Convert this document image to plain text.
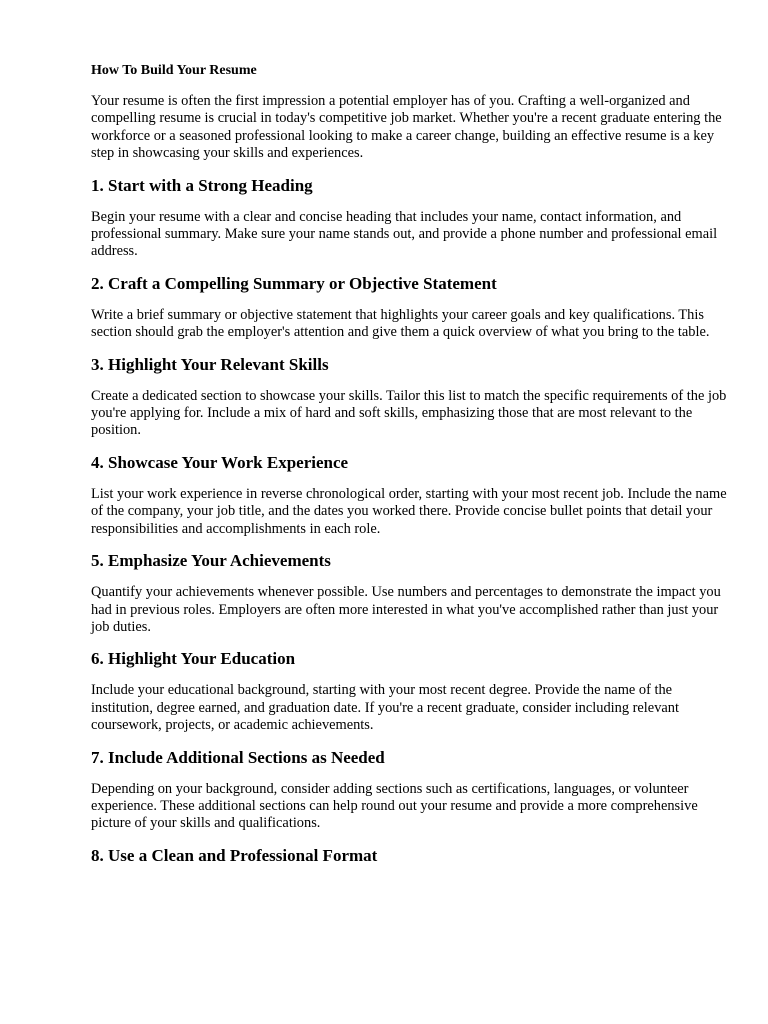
How To Build Your Resume
Your resume is often the first impression a potential employer has of you. Crafting a well-organized and compelling resume is crucial in today's competitive job market. Whether you're a recent graduate entering the workforce or a seasoned professional looking to make a career change, building an effective resume is a key step in showcasing your skills and experiences.
1. Start with a Strong Heading
Begin your resume with a clear and concise heading that includes your name, contact information, and professional summary. Make sure your name stands out, and provide a phone number and professional email address.
2. Craft a Compelling Summary or Objective Statement
Write a brief summary or objective statement that highlights your career goals and key qualifications. This section should grab the employer's attention and give them a quick overview of what you bring to the table.
3. Highlight Your Relevant Skills
Create a dedicated section to showcase your skills. Tailor this list to match the specific requirements of the job you're applying for. Include a mix of hard and soft skills, emphasizing those that are most relevant to the position.
4. Showcase Your Work Experience
List your work experience in reverse chronological order, starting with your most recent job. Include the name of the company, your job title, and the dates you worked there. Provide concise bullet points that detail your responsibilities and accomplishments in each role.
5. Emphasize Your Achievements
Quantify your achievements whenever possible. Use numbers and percentages to demonstrate the impact you had in previous roles. Employers are often more interested in what you've accomplished rather than just your job duties.
6. Highlight Your Education
Include your educational background, starting with your most recent degree. Provide the name of the institution, degree earned, and graduation date. If you're a recent graduate, consider including relevant coursework, projects, or academic achievements.
7. Include Additional Sections as Needed
Depending on your background, consider adding sections such as certifications, languages, or volunteer experience. These additional sections can help round out your resume and provide a more comprehensive picture of your skills and qualifications.
8. Use a Clean and Professional Format
